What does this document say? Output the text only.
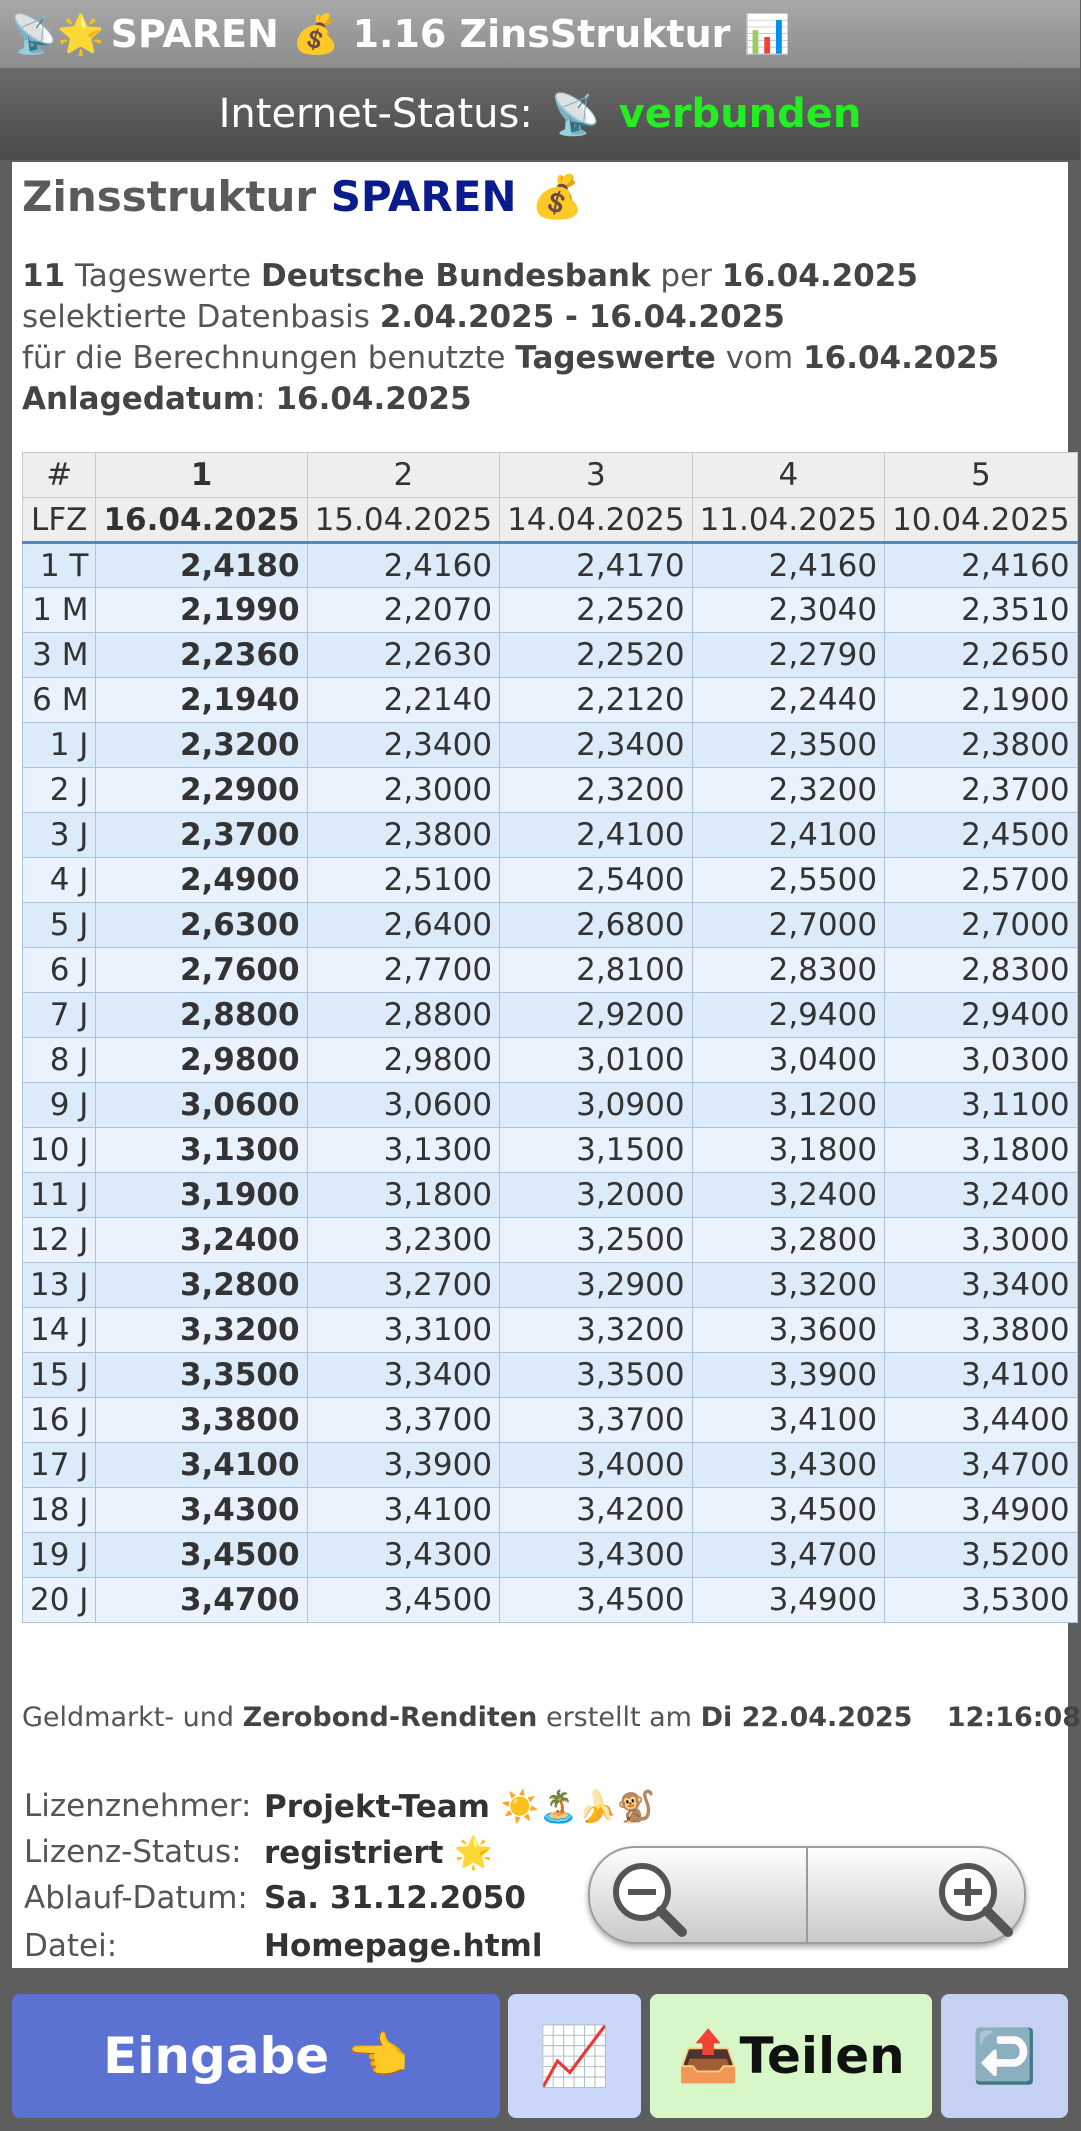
📡🌟 SPAREN 💰 1.16 ZinsStruktur 📊
Internet-Status: 📡 verbunden
Zinsstruktur SPAREN 💰
11 Tageswerte Deutsche Bundesbank per 16.04.2025
selektierte Datenbasis 2.04.2025 - 16.04.2025
für die Berechnungen benutzte Tageswerte vom 16.04.2025
Anlagedatum: 16.04.2025
#	1	2	3	4	5
LFZ	16.04.2025	15.04.2025	14.04.2025	11.04.2025	10.04.2025
1 T	2,4180	2,4160	2,4170	2,4160	2,4160
1 M	2,1990	2,2070	2,2520	2,3040	2,3510
3 M	2,2360	2,2630	2,2520	2,2790	2,2650
6 M	2,1940	2,2140	2,2120	2,2440	2,1900
1 J	2,3200	2,3400	2,3400	2,3500	2,3800
2 J	2,2900	2,3000	2,3200	2,3200	2,3700
3 J	2,3700	2,3800	2,4100	2,4100	2,4500
4 J	2,4900	2,5100	2,5400	2,5500	2,5700
5 J	2,6300	2,6400	2,6800	2,7000	2,7000
6 J	2,7600	2,7700	2,8100	2,8300	2,8300
7 J	2,8800	2,8800	2,9200	2,9400	2,9400
8 J	2,9800	2,9800	3,0100	3,0400	3,0300
9 J	3,0600	3,0600	3,0900	3,1200	3,1100
10 J	3,1300	3,1300	3,1500	3,1800	3,1800
11 J	3,1900	3,1800	3,2000	3,2400	3,2400
12 J	3,2400	3,2300	3,2500	3,2800	3,3000
13 J	3,2800	3,2700	3,2900	3,3200	3,3400
14 J	3,3200	3,3100	3,3200	3,3600	3,3800
15 J	3,3500	3,3400	3,3500	3,3900	3,4100
16 J	3,3800	3,3700	3,3700	3,4100	3,4400
17 J	3,4100	3,3900	3,4000	3,4300	3,4700
18 J	3,4300	3,4100	3,4200	3,4500	3,4900
19 J	3,4500	3,4300	3,4300	3,4700	3,5200
20 J	3,4700	3,4500	3,4500	3,4900	3,5300
Geldmarkt- und Zerobond-Renditen erstellt am Di 22.04.2025 12:16:08
Lizenznehmer: Projekt-Team ☀️🏝️🍌🐒
Lizenz-Status: registriert 🌟
Ablauf-Datum: Sa. 31.12.2050
Datei:	Homepage.html
Eingabe 👈	📈	📤Teilen	↩️
